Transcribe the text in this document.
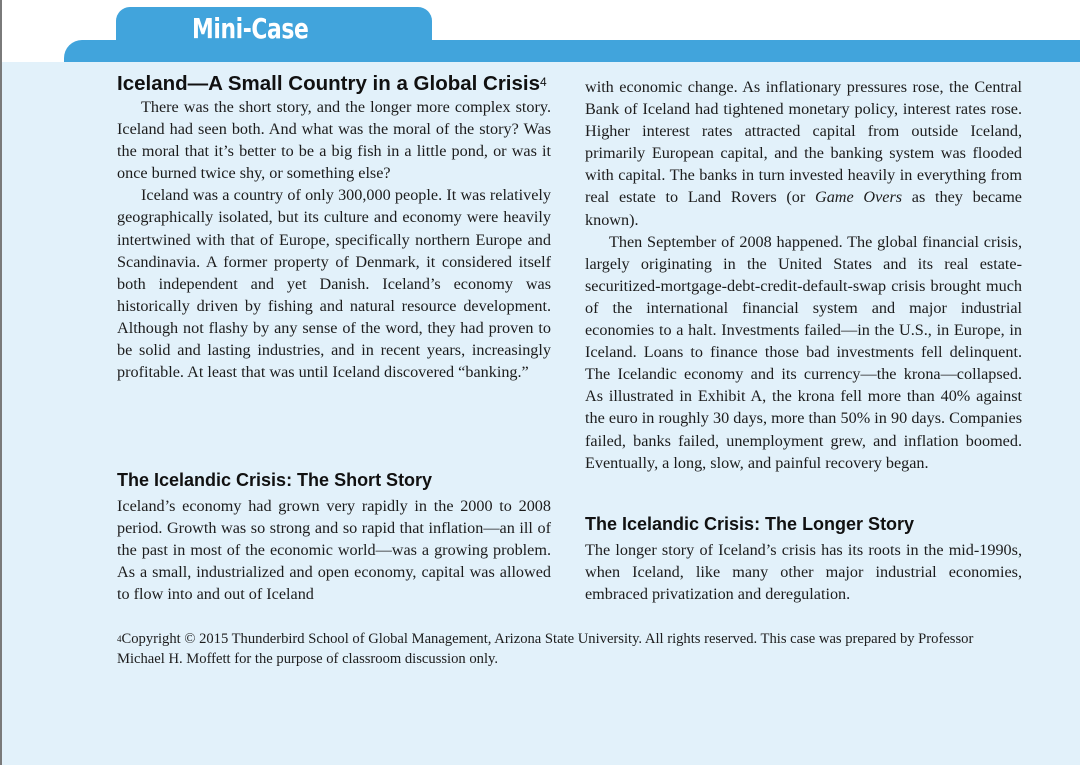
Mini-Case
Iceland—A Small Country in a Global Crisis$^4$

There was the short story, and the longer more complex story. Iceland had seen both. And what was the moral of the story? Was the moral that it’s better to be a big fish in a little pond, or was it once burned twice shy, or something else?

Iceland was a country of only 300,000 people. It was relatively geographically isolated, but its culture and economy were heavily intertwined with that of Europe, specifically northern Europe and Scandinavia. A former property of Denmark, it considered itself both independent and yet Danish. Iceland’s economy was historically driven by fishing and natural resource development. Although not flashy by any sense of the word, they had proven to be solid and lasting industries, and in recent years, increasingly profitable. At least that was until Iceland discovered “banking.”

The Icelandic Crisis: The Short Story

Iceland’s economy had grown very rapidly in the 2000 to 2008 period. Growth was so strong and so rapid that inflation—an ill of the past in most of the economic world—was a growing problem. As a small, industrialized and open economy, capital was allowed to flow into and out of Iceland

with economic change. As inflationary pressures rose, the Central Bank of Iceland had tightened monetary policy, interest rates rose. Higher interest rates attracted capital from outside Iceland, primarily European capital, and the banking system was flooded with capital. The banks in turn invested heavily in everything from real estate to Land Rovers (or Game Overs as they became known).

Then September of 2008 happened. The global financial crisis, largely originating in the United States and its real estate-securitized-mortgage-debt-credit-default-swap crisis brought much of the international financial system and major industrial economies to a halt. Investments failed—in the U.S., in Europe, in Iceland. Loans to finance those bad investments fell delinquent. The Icelandic economy and its currency—the krona—collapsed. As illustrated in Exhibit A, the krona fell more than 40% against the euro in roughly 30 days, more than 50% in 90 days. Companies failed, banks failed, unemployment grew, and inflation boomed. Eventually, a long, slow, and painful recovery began.

The Icelandic Crisis: The Longer Story

The longer story of Iceland’s crisis has its roots in the mid-1990s, when Iceland, like many other major industrial economies, embraced privatization and deregulation.

$^4$Copyright © 2015 Thunderbird School of Global Management, Arizona State University. All rights reserved. This case was prepared by Professor Michael H. Moffett for the purpose of classroom discussion only.
